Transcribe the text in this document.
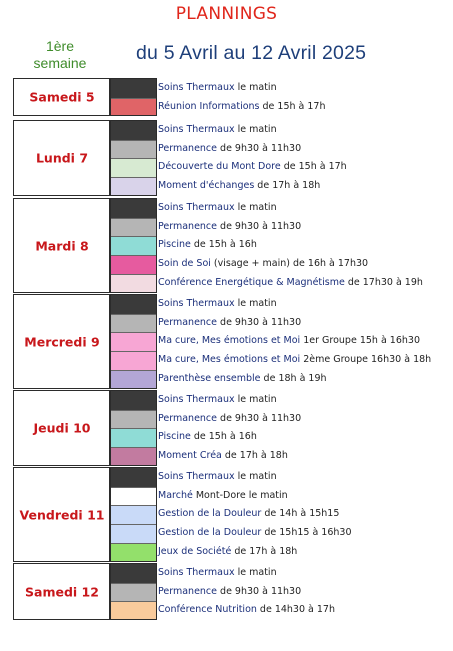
PLANNINGS
1ère
semaine	du 5 Avril au 12 Avril 2025
Samedi 5
Soins Thermaux le matin
Réunion Informations de 15h à 17h
Lundi 7
Soins Thermaux le matin
Permanence de 9h30 à 11h30
Découverte du Mont Dore de 15h à 17h
Moment d'échanges de 17h à 18h
Mardi 8
Soins Thermaux le matin
Permanence de 9h30 à 11h30
Piscine de 15h à 16h
Soin de Soi (visage + main) de 16h à 17h30
Conférence Energétique & Magnétisme de 17h30 à 19h
Mercredi 9
Soins Thermaux le matin
Permanence de 9h30 à 11h30
Ma cure, Mes émotions et Moi 1er Groupe 15h à 16h30
Ma cure, Mes émotions et Moi 2ème Groupe 16h30 à 18h
Parenthèse ensemble de 18h à 19h
Jeudi 10
Soins Thermaux le matin
Permanence de 9h30 à 11h30
Piscine de 15h à 16h
Moment Créa de 17h à 18h
Vendredi 11
Soins Thermaux le matin
Marché Mont-Dore le matin
Gestion de la Douleur de 14h à 15h15
Gestion de la Douleur de 15h15 à 16h30
Jeux de Société de 17h à 18h
Samedi 12
Soins Thermaux le matin
Permanence de 9h30 à 11h30
Conférence Nutrition de 14h30 à 17h
